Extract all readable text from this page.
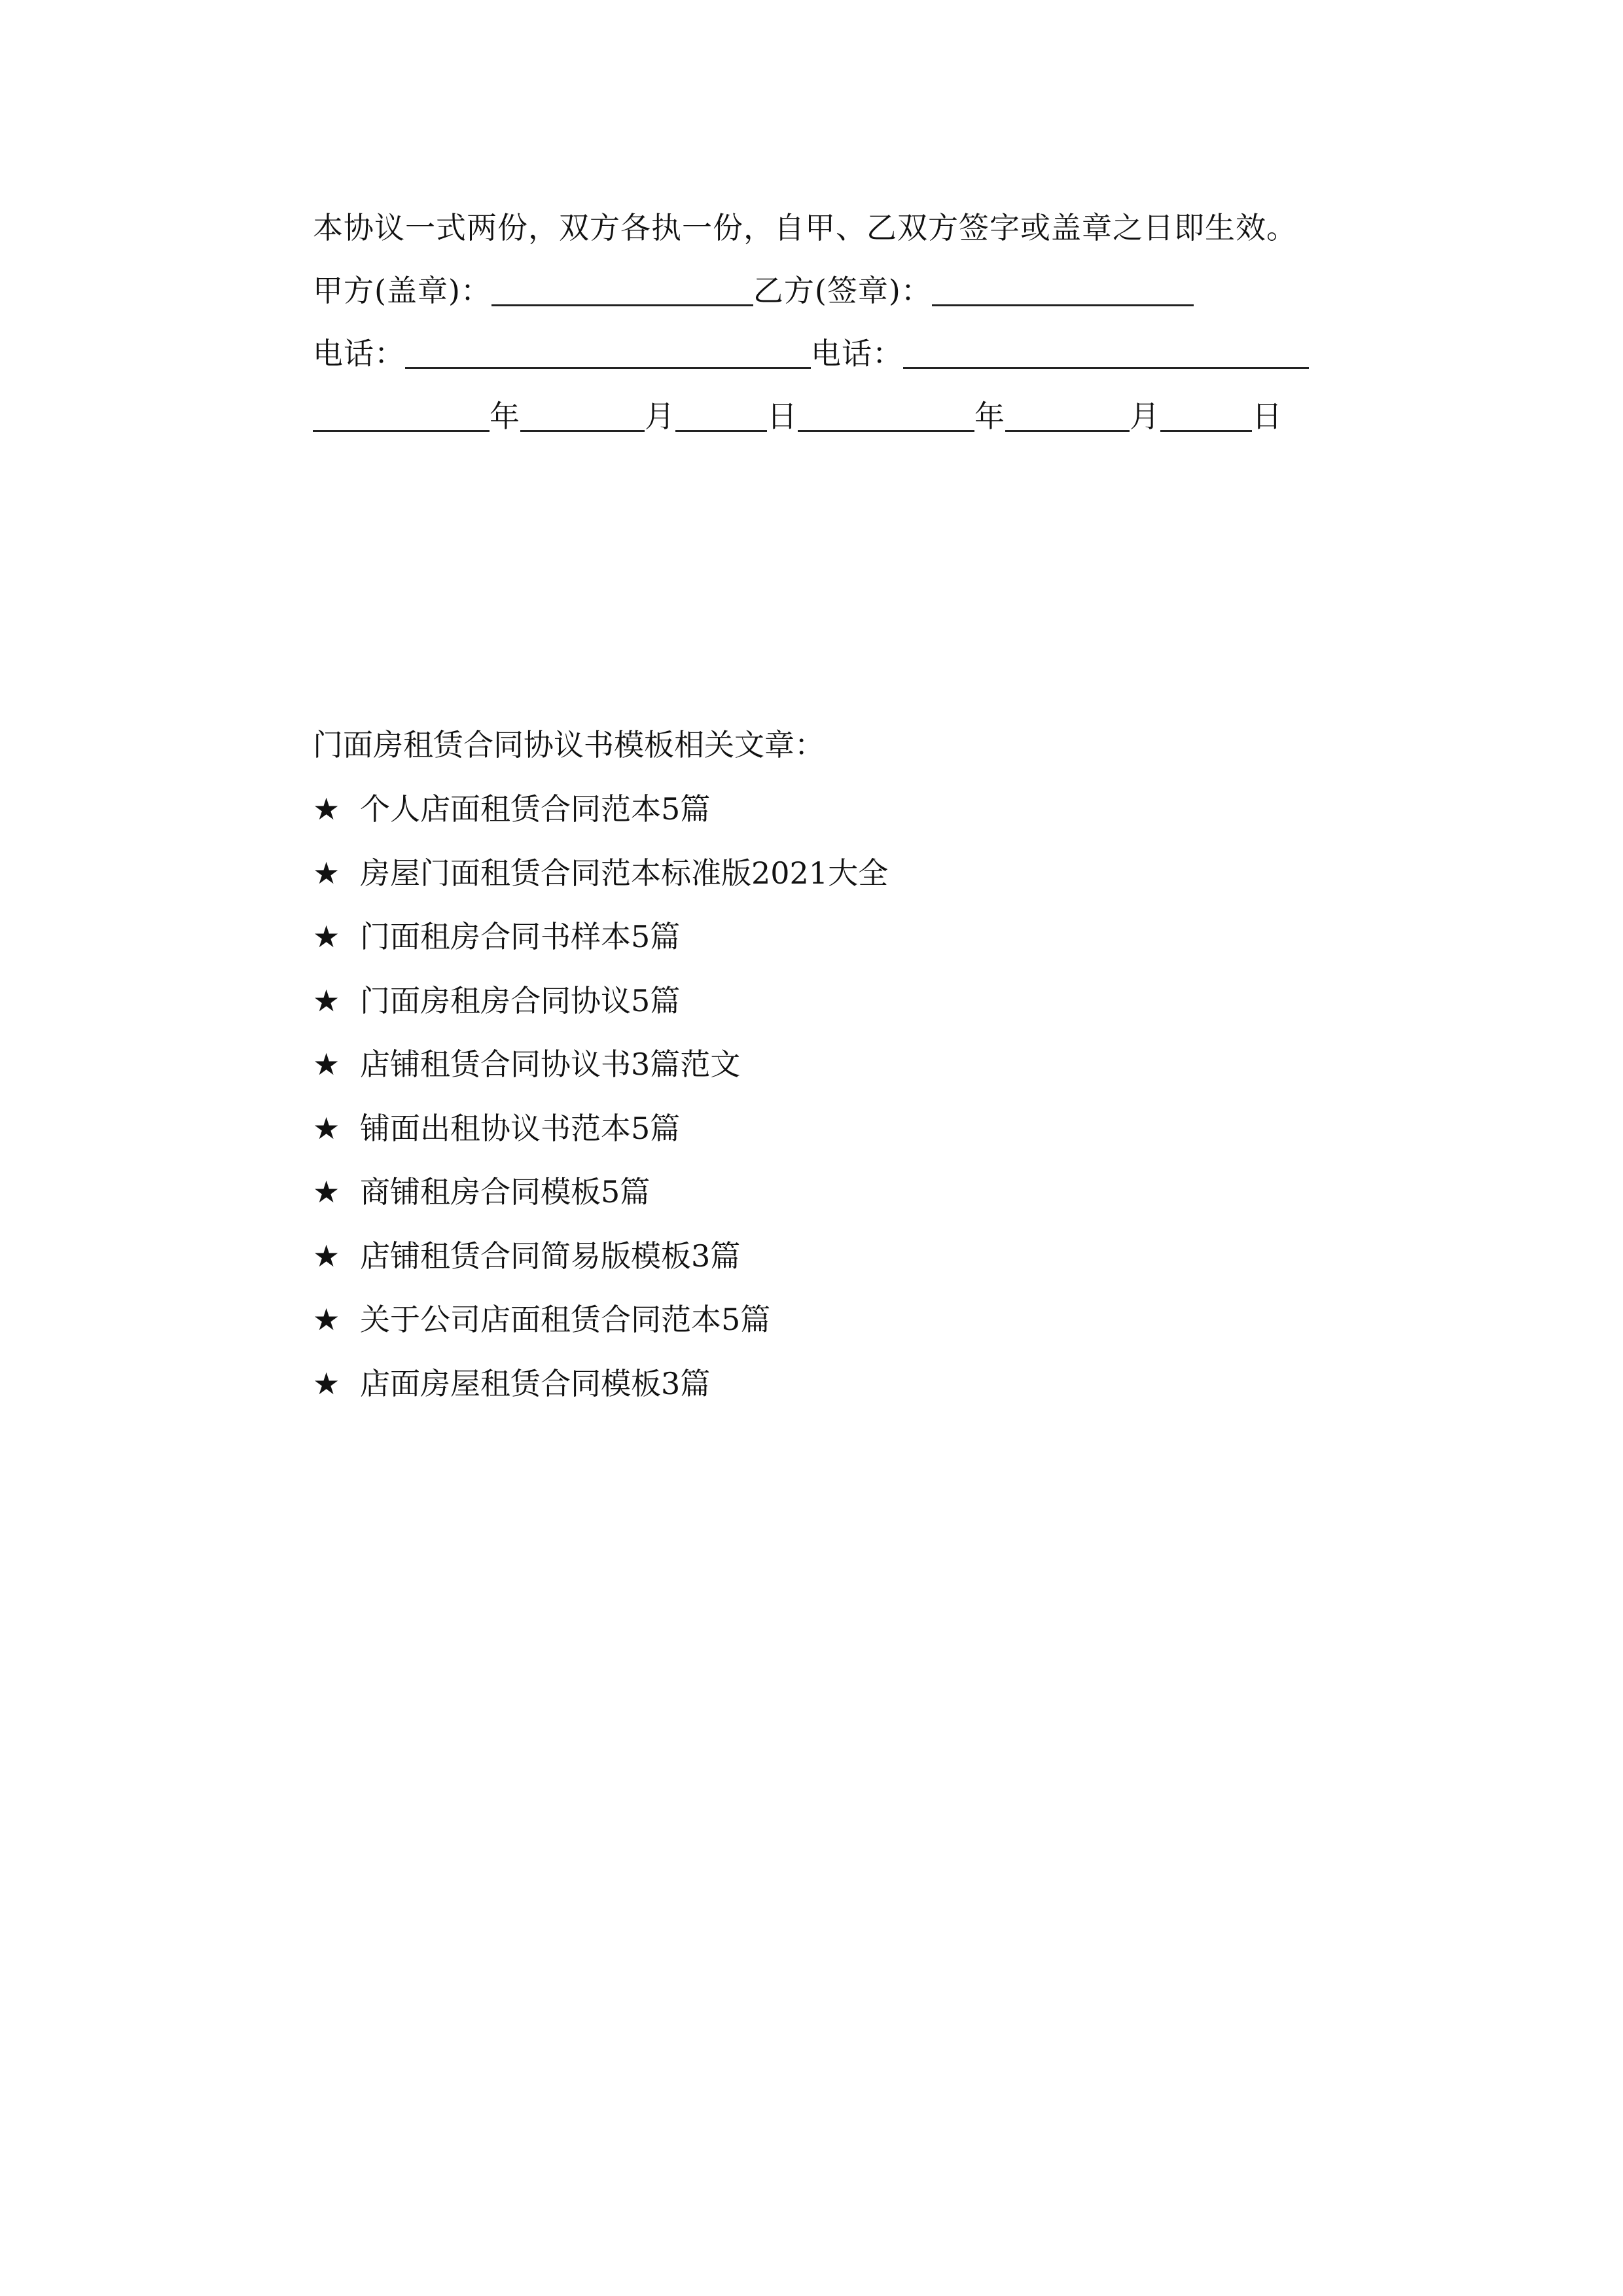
本协议一式两份，双方各执一份，自甲、乙双方签字或盖章之日即生效。
甲方(盖章)：	乙方(签章)：
电话：	电话：
年	月	日	年	月	日
门面房租赁合同协议书模板相关文章：
★ 个人店面租赁合同范本5篇
★ 房屋门面租赁合同范本标准版2021大全
★ 门面租房合同书样本5篇
★ 门面房租房合同协议5篇
★ 店铺租赁合同协议书3篇范文
★ 铺面出租协议书范本5篇
★ 商铺租房合同模板5篇
★ 店铺租赁合同简易版模板3篇
★ 关于公司店面租赁合同范本5篇
★ 店面房屋租赁合同模板3篇
